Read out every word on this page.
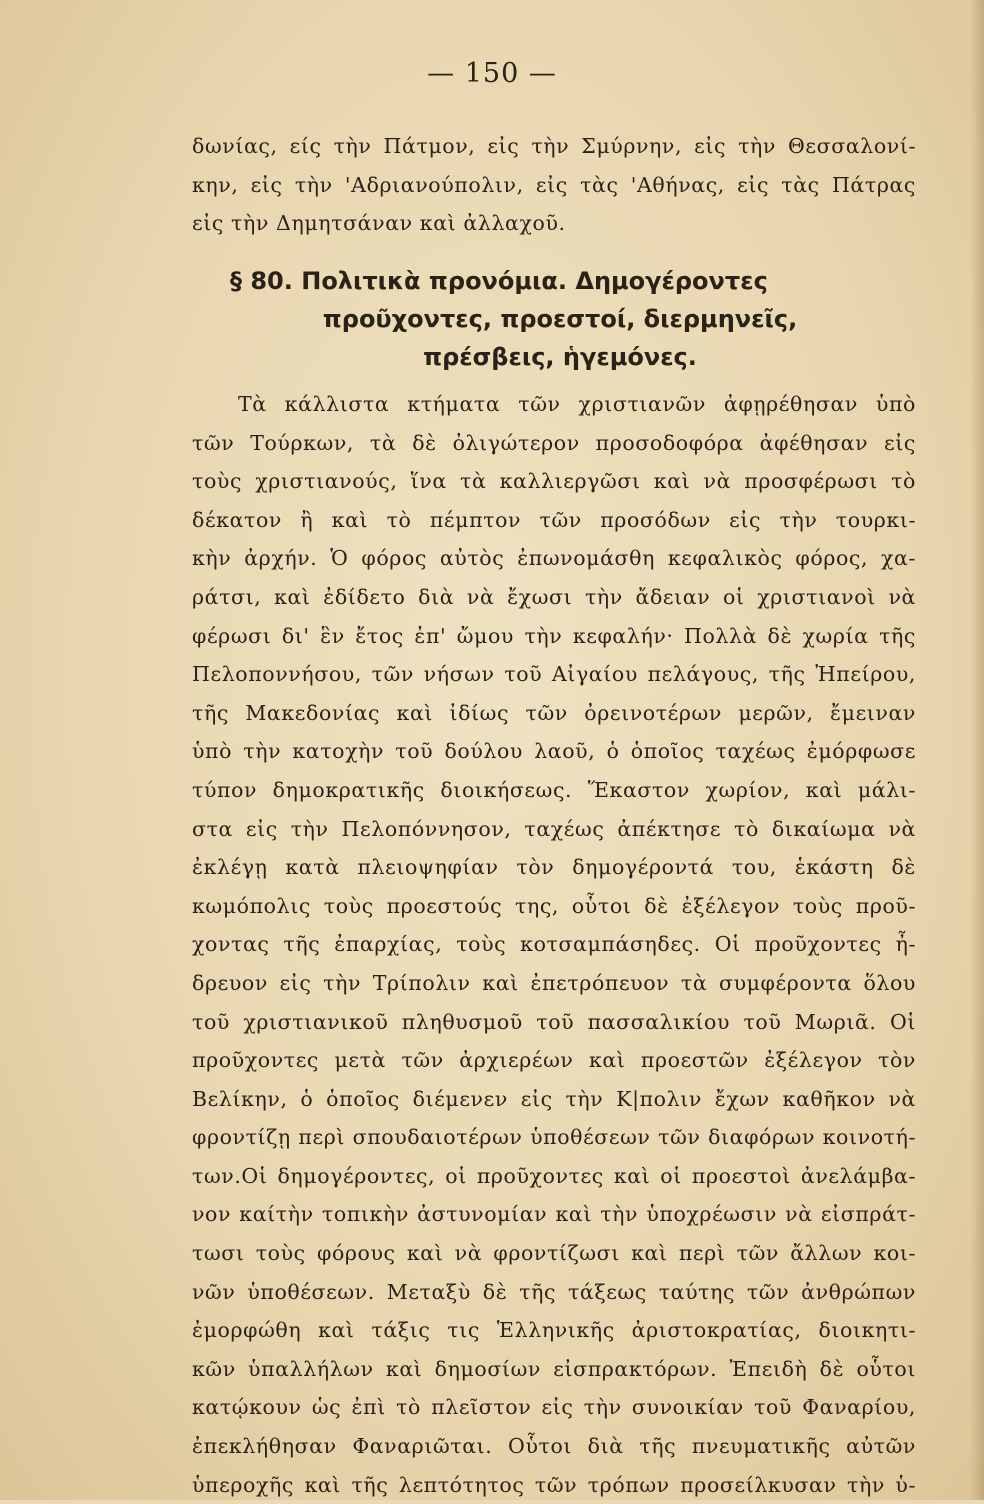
— 150 —
δωνίας, είς τὴν Πάτμον, εἰς τὴν Σμύρνην, εἰς τὴν Θεσσαλονί-
κην, εἰς τὴν 'Αδριανούπολιν, εἰς τὰς 'Αθήνας, εἰς τὰς Πάτρας
εἰς τὴν Δημητσάναν καὶ ἀλλαχοῦ.
§ 80. Πολιτικὰ προνόμια. Δημογέροντες
προῦχοντες, προεστοί, διερμηνεῖς,
πρέσβεις, ἡγεμόνες.
Τὰ κάλλιστα κτήματα τῶν χριστιανῶν ἀφῃρέθησαν ὑπὸ
τῶν Τούρκων, τὰ δὲ ὀλιγώτερον προσοδοφόρα ἀφέθησαν εἰς
τοὺς χριστιανούς, ἵνα τὰ καλλιεργῶσι καὶ νὰ προσφέρωσι τὸ
δέκατον ἢ καὶ τὸ πέμπτον τῶν προσόδων εἰς τὴν τουρκι-
κὴν ἀρχήν. Ὁ φόρος αὐτὸς ἐπωνομάσθη κεφαλικὸς φόρος, χα-
ράτσι, καὶ ἐδίδετο διὰ νὰ ἔχωσι τὴν ἄδειαν οἱ χριστιανοὶ νὰ
φέρωσι δι' ἓν ἔτος ἐπ' ὤμου τὴν κεφαλήν· Πολλὰ δὲ χωρία τῆς
Πελοποννήσου, τῶν νήσων τοῦ Αἰγαίου πελάγους, τῆς Ἠπείρου,
τῆς Μακεδονίας καὶ ἰδίως τῶν ὀρεινοτέρων μερῶν, ἔμειναν
ὑπὸ τὴν κατοχὴν τοῦ δούλου λαοῦ, ὁ ὁποῖος ταχέως ἐμόρφωσε
τύπον δημοκρατικῆς διοικήσεως. Ἕκαστον χωρίον, καὶ μάλι-
στα εἰς τὴν Πελοπόννησον, ταχέως ἀπέκτησε τὸ δικαίωμα νὰ
ἐκλέγῃ κατὰ πλειοψηφίαν τὸν δημογέροντά του, ἑκάστη δὲ
κωμόπολις τοὺς προεστούς της, οὗτοι δὲ ἐξέλεγον τοὺς προῦ-
χοντας τῆς ἐπαρχίας, τοὺς κοτσαμπάσηδες. Οἱ προῦχοντες ἦ-
δρευον εἰς τὴν Τρίπολιν καὶ ἐπετρόπευον τὰ συμφέροντα ὅλου
τοῦ χριστιανικοῦ πληθυσμοῦ τοῦ πασσαλικίου τοῦ Μωριᾶ. Οἱ
προῦχοντες μετὰ τῶν ἀρχιερέων καὶ προεστῶν ἐξέλεγον τὸν
Βελίκην, ὁ ὁποῖος διέμενεν εἰς τὴν Κ|πολιν ἔχων καθῆκον νὰ
φροντίζῃ περὶ σπουδαιοτέρων ὑποθέσεων τῶν διαφόρων κοινοτή-
των.Οἱ δημογέροντες, οἱ προῦχοντες καὶ οἱ προεστοὶ ἀνελάμβα-
νον καίτὴν τοπικὴν ἀστυνομίαν καὶ τὴν ὑποχρέωσιν νὰ εἰσπράτ-
τωσι τοὺς φόρους καὶ νὰ φροντίζωσι καὶ περὶ τῶν ἄλλων κοι-
νῶν ὑποθέσεων. Μεταξὺ δὲ τῆς τάξεως ταύτης τῶν ἀνθρώπων
ἐμορφώθη καὶ τάξις τις Ἑλληνικῆς ἀριστοκρατίας, διοικητι-
κῶν ὑπαλλήλων καὶ δημοσίων εἰσπρακτόρων. Ἐπειδὴ δὲ οὗτοι
κατῴκουν ὡς ἐπὶ τὸ πλεῖστον εἰς τὴν συνοικίαν τοῦ Φαναρίου,
ἐπεκλήθησαν Φαναριῶται. Οὗτοι διὰ τῆς πνευματικῆς αὐτῶν
ὑπεροχῆς καὶ τῆς λεπτότητος τῶν τρόπων προσείλκυσαν τὴν ὑ-
